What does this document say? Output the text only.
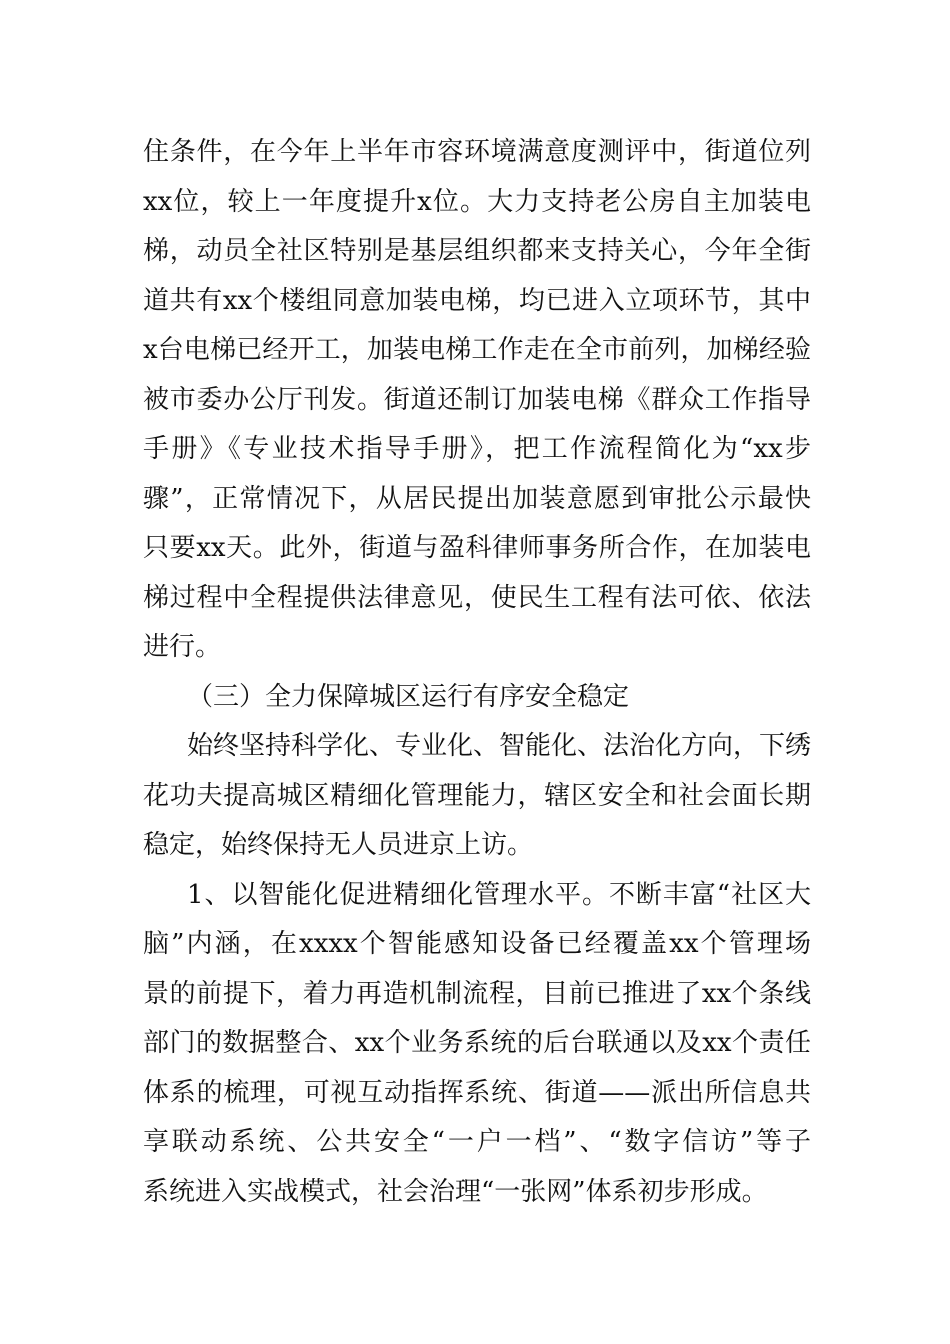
住条件，在今年上半年市容环境满意度测评中，街道位列
xx位，较上一年度提升x位。大力支持老公房自主加装电
梯，动员全社区特别是基层组织都来支持关心，今年全街
道共有xx个楼组同意加装电梯，均已进入立项环节，其中
x台电梯已经开工，加装电梯工作走在全市前列，加梯经验
被市委办公厅刊发。街道还制订加装电梯《群众工作指导
手册》《专业技术指导手册》，把工作流程简化为“xx步
骤”，正常情况下，从居民提出加装意愿到审批公示最快
只要xx天。此外，街道与盈科律师事务所合作，在加装电
梯过程中全程提供法律意见，使民生工程有法可依、依法
进行。
（三）全力保障城区运行有序安全稳定
始终坚持科学化、专业化、智能化、法治化方向，下绣
花功夫提高城区精细化管理能力，辖区安全和社会面长期
稳定，始终保持无人员进京上访。
1、以智能化促进精细化管理水平。不断丰富“社区大
脑”内涵，在xxxx个智能感知设备已经覆盖xx个管理场
景的前提下，着力再造机制流程，目前已推进了xx个条线
部门的数据整合、xx个业务系统的后台联通以及xx个责任
体系的梳理，可视互动指挥系统、街道——派出所信息共
享联动系统、公共安全“一户一档”、“数字信访”等子
系统进入实战模式，社会治理“一张网”体系初步形成。
